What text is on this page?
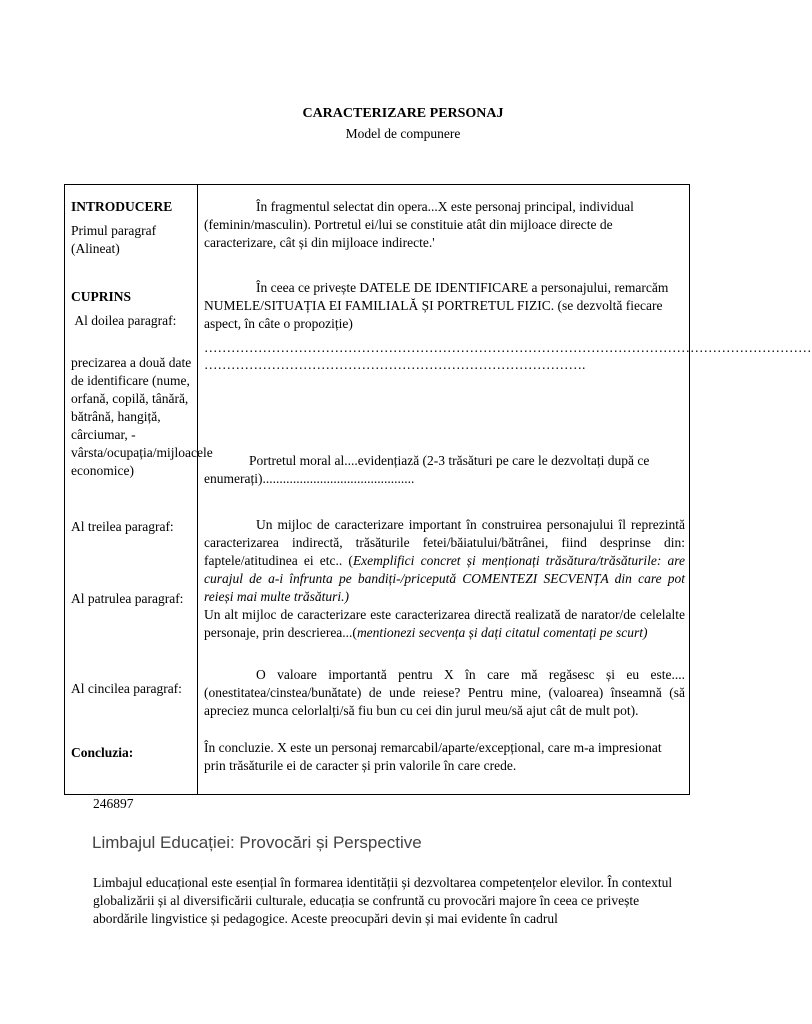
CARACTERIZARE PERSONAJ
Model de compunere
INTRODUCERE
Primul paragraf (Alineat)
În fragmentul selectat din opera...X este personaj principal, individual (feminin/masculin). Portretul ei/lui se constituie atât din mijloace directe de caracterizare, cât și din mijloace indirecte.'
CUPRINS
Al doilea paragraf:
precizarea a două date de identificare (nume, orfană, copilă, tânără, bătrână, hangiță, cârciumar, -vârsta/ocupația/mijloacele economice)
În ceea ce privește DATELE DE IDENTIFICARE a personajului, remarcăm NUMELE/SITUAȚIA EI FAMILIALĂ ȘI PORTRETUL FIZIC. (se dezvoltă fiecare aspect, în câte o propoziție)
………………………………………………………………………………………………………………………
………………………………………………………………………….
Portretul moral al....evidențiază (2-3 trăsături pe care le dezvoltați după ce enumerați).............................................
Al treilea paragraf:	Un mijloc de caracterizare important în construirea personajului îl reprezintă caracterizarea indirectă, trăsăturile fetei/băiatului/bătrânei, fiind desprinse din: faptele/atitudinea ei etc.. (Exemplifici concret și menționați trăsătura/trăsăturile: are curajul de a-i înfrunta pe bandiți-/pricepută COMENTEZI SECVENȚA din care pot reieși mai multe trăsături.)
Al patrulea paragraf:
Un alt mijloc de caracterizare este caracterizarea directă realizată de narator/de celelalte personaje, prin descrierea...(mentionezi secvența și dați citatul comentați pe scurt)
Al cincilea paragraf:
O valoare importantă pentru X în care mă regăsesc și eu este.... (onestitatea/cinstea/bunătate) de unde reiese? Pentru mine, (valoarea) înseamnă (să apreciez munca celorlalți/să fiu bun cu cei din jurul meu/să ajut cât de mult pot).
Concluzia:	În concluzie. X este un personaj remarcabil/aparte/excepțional, care m-a impresionat prin trăsăturile ei de caracter și prin valorile în care crede.
246897
Limbajul Educației: Provocări și Perspective
Limbajul educațional este esențial în formarea identității și dezvoltarea competențelor elevilor. În contextul globalizării și al diversificării culturale, educația se confruntă cu provocări majore în ceea ce privește abordările lingvistice și pedagogice. Aceste preocupări devin și mai evidente în cadrul
